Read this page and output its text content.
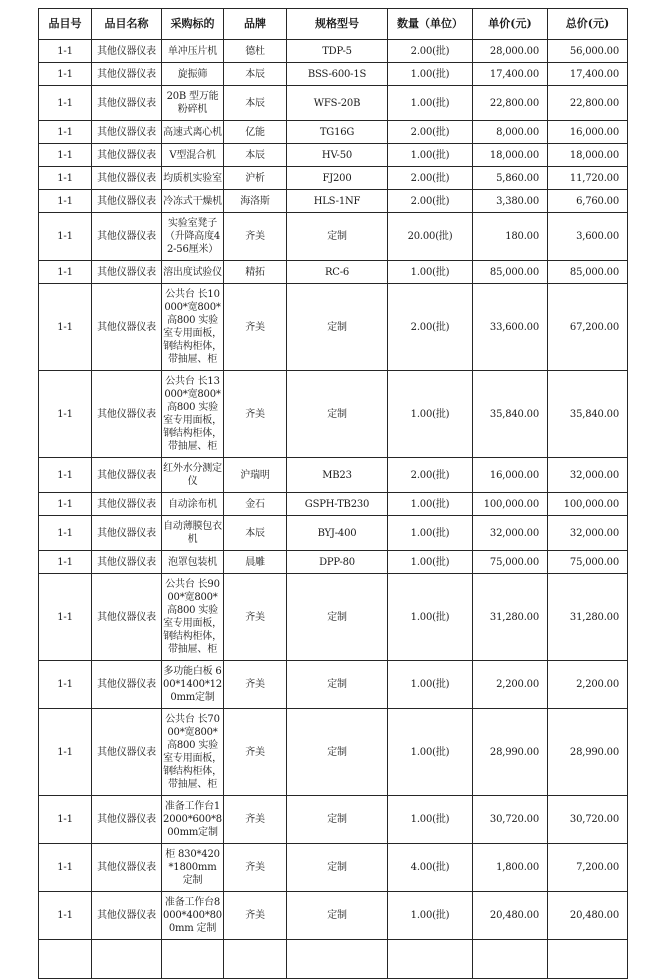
品目号	品目名称	采购标的	品牌	规格型号	数量（单位）	单价(元)	总价(元)
1-1	其他仪器仪表	单冲压片机	德杜	TDP-5	2.00(批)	28,000.00	56,000.00
1-1	其他仪器仪表	旋振筛	本辰	BSS-600-1S	1.00(批)	17,400.00	17,400.00
1-1	其他仪器仪表	20B 型万能粉碎机	本辰	WFS-20B	1.00(批)	22,800.00	22,800.00
1-1	其他仪器仪表	高速式离心机	亿能	TG16G	2.00(批)	8,000.00	16,000.00
1-1	其他仪器仪表	V型混合机	本辰	HV-50	1.00(批)	18,000.00	18,000.00
1-1	其他仪器仪表	均质机实验室	沪析	FJ200	2.00(批)	5,860.00	11,720.00
1-1	其他仪器仪表	冷冻式干燥机	海洛斯	HLS-1NF	2.00(批)	3,380.00	6,760.00
1-1	其他仪器仪表	实验室凳子（升降高度42-56厘米）	齐美	定制	20.00(批)	180.00	3,600.00
1-1	其他仪器仪表	溶出度试验仪	精拓	RC-6	1.00(批)	85,000.00	85,000.00
1-1	其他仪器仪表	公共台 长10000*宽800*高800 实验室专用面板，钢结构柜体，带抽屉、柜	齐美	定制	2.00(批)	33,600.00	67,200.00
1-1	其他仪器仪表	公共台 长13000*宽800*高800 实验室专用面板，钢结构柜体，带抽屉、柜	齐美	定制	1.00(批)	35,840.00	35,840.00
1-1	其他仪器仪表	红外水分测定仪	沪瑞明	MB23	2.00(批)	16,000.00	32,000.00
1-1	其他仪器仪表	自动涂布机	金石	GSPH-TB230	1.00(批)	100,000.00	100,000.00
1-1	其他仪器仪表	自动薄膜包衣机	本辰	BYJ-400	1.00(批)	32,000.00	32,000.00
1-1	其他仪器仪表	泡罩包装机	晨雕	DPP-80	1.00(批)	75,000.00	75,000.00
1-1	其他仪器仪表	公共台 长9000*宽800*高800 实验室专用面板，钢结构柜体，带抽屉、柜	齐美	定制	1.00(批)	31,280.00	31,280.00
1-1	其他仪器仪表	多功能白板 600*1400*120mm定制	齐美	定制	1.00(批)	2,200.00	2,200.00
1-1	其他仪器仪表	公共台 长7000*宽800*高800 实验室专用面板，钢结构柜体，带抽屉、柜	齐美	定制	1.00(批)	28,990.00	28,990.00
1-1	其他仪器仪表	准备工作台12000*600*800mm定制	齐美	定制	1.00(批)	30,720.00	30,720.00
1-1	其他仪器仪表	柜 830*420*1800mm 定制	齐美	定制	4.00(批)	1,800.00	7,200.00
1-1	其他仪器仪表	准备工作台8000*400*800mm 定制	齐美	定制	1.00(批)	20,480.00	20,480.00
